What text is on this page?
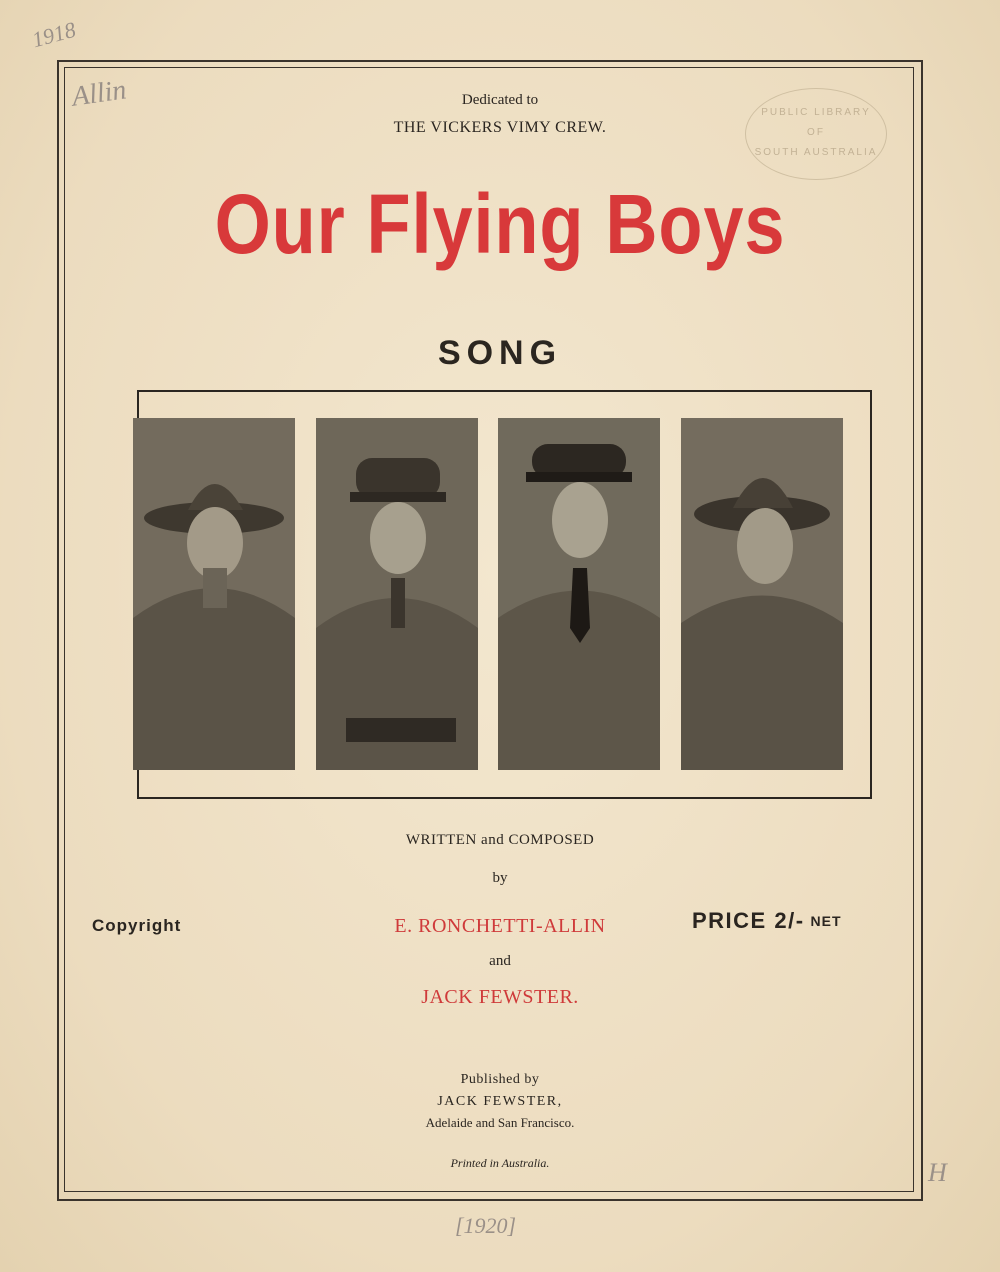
1918
Allin	PUBLIC LIBRARY
OF
SOUTH AUSTRALIA
Dedicated to
THE VICKERS VIMY CREW.
Our Flying Boys
SONG
WRITTEN and COMPOSED
by
Copyright	E. RONCHETTI-ALLIN	PRICE 2/- NET
and
JACK FEWSTER.
Published by
JACK FEWSTER,
Adelaide and San Francisco.
Printed in Australia.
[1920]
H
